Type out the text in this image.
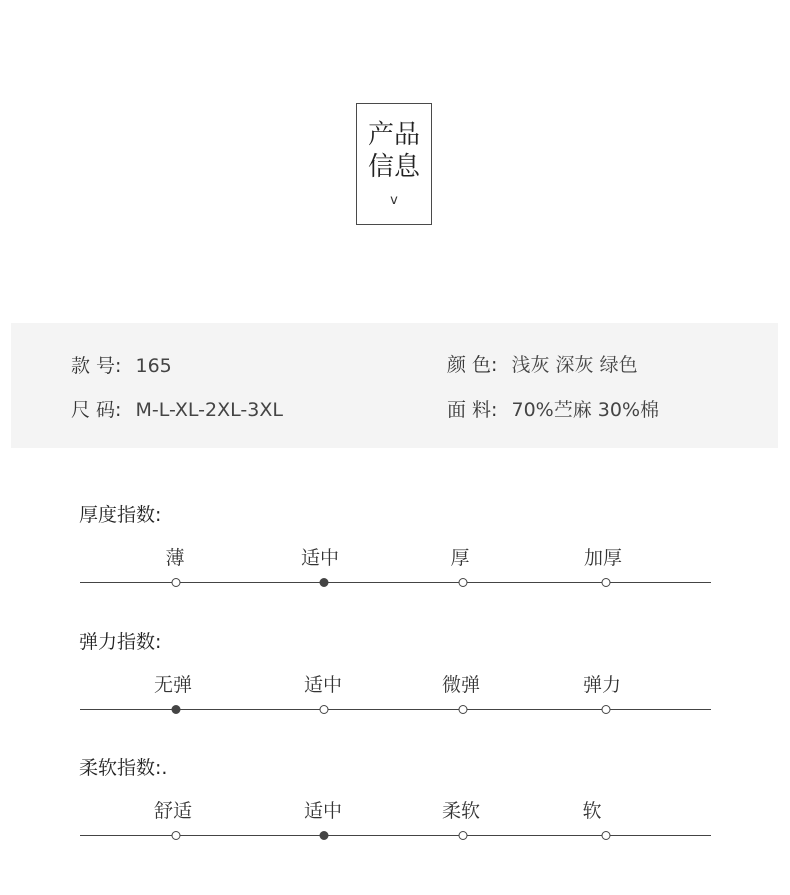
产品
信息
v
款 号: 165
尺 码: M-L-XL-2XL-3XL
颜 色: 浅灰 深灰 绿色
面 料: 70%苎麻 30%棉
厚度指数:
薄	适中	厚	加厚
弹力指数:
无弹	适中	微弹	弹力
柔软指数:.
舒适	适中	柔软	软
